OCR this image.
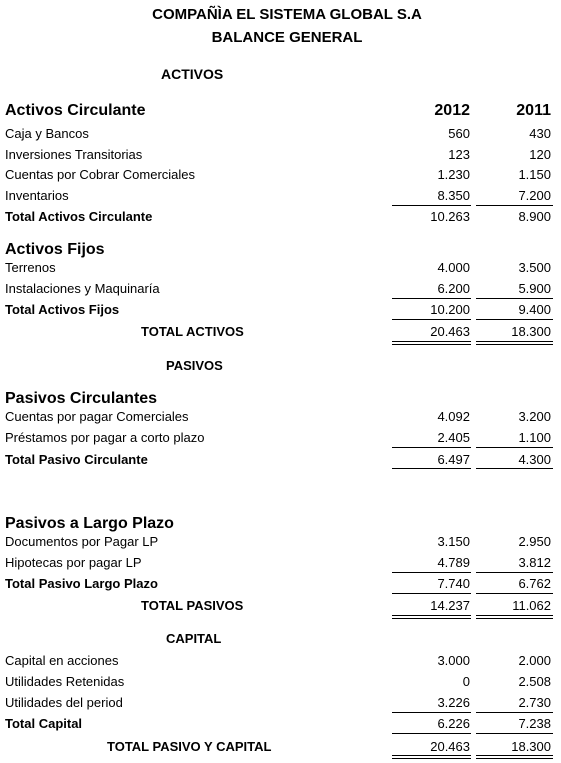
COMPAÑÌA EL SISTEMA GLOBAL S.A
BALANCE GENERAL
ACTIVOS
Activos Circulante	2012	2011
Caja y Bancos	560	430
Inversiones Transitorias	123	120
Cuentas por Cobrar Comerciales	1.230	1.150
Inventarios	8.350	7.200
Total Activos Circulante	10.263	8.900
Activos Fijos
Terrenos	4.000	3.500
Instalaciones y Maquinaría	6.200	5.900
Total Activos Fijos	10.200	9.400
TOTAL ACTIVOS	20.463	18.300
PASIVOS
Pasivos Circulantes
Cuentas por pagar Comerciales	4.092	3.200
Préstamos por pagar a corto plazo	2.405	1.100
Total Pasivo Circulante	6.497	4.300
Pasivos a Largo Plazo
Documentos por Pagar LP	3.150	2.950
Hipotecas por pagar LP	4.789	3.812
Total Pasivo Largo Plazo	7.740	6.762
TOTAL PASIVOS	14.237	11.062
CAPITAL
Capital en acciones	3.000	2.000
Utilidades Retenidas	0	2.508
Utilidades del period	3.226	2.730
Total Capital	6.226	7.238
TOTAL PASIVO Y CAPITAL	20.463	18.300
